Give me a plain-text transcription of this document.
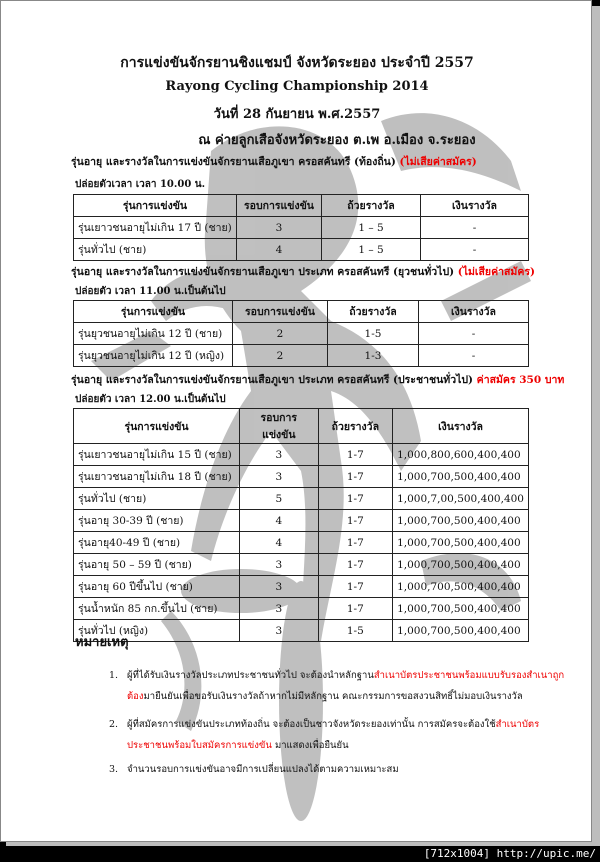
การแข่งขันจักรยานชิงแชมป์ จังหวัดระยอง ประจำปี 2557
Rayong Cycling Championship 2014
วันที่ 28 กันยายน พ.ศ.2557
ณ ค่ายลูกเสือจังหวัดระยอง ต.เพ อ.เมือง จ.ระยอง
รุ่นอายุ และรางวัลในการแข่งขันจักรยานเสือภูเขา ครอสคันทรี (ท้องถิ่น) (ไม่เสียค่าสมัคร)
ปล่อยตัวเวลา เวลา 10.00 น.
รุ่นการแข่งขัน	รอบการแข่งขัน	ถ้วยรางวัล	เงินรางวัล
รุ่นเยาวชนอายุไม่เกิน 17 ปี (ชาย)	3	1 – 5	-
รุ่นทั่วไป (ชาย)	4	1 – 5	-
รุ่นอายุ และรางวัลในการแข่งขันจักรยานเสือภูเขา ประเภท ครอสคันทรี (ยุวชนทั่วไป) (ไม่เสียค่าสมัคร)
ปล่อยตัว เวลา 11.00 น.เป็นต้นไป
รุ่นการแข่งขัน	รอบการแข่งขัน	ถ้วยรางวัล	เงินรางวัล
รุ่นยุวชนอายุไม่เกิน 12 ปี (ชาย)	2	1-5	-
รุ่นยุวชนอายุไม่เกิน 12 ปี (หญิง)	2	1-3	-
รุ่นอายุ และรางวัลในการแข่งขันจักรยานเสือภูเขา ประเภท ครอสคันทรี (ประชาชนทั่วไป) ค่าสมัคร 350 บาท
ปล่อยตัว เวลา 12.00 น.เป็นต้นไป
รุ่นการแข่งขัน	รอบการแข่งขัน	ถ้วยรางวัล	เงินรางวัล
รุ่นเยาวชนอายุไม่เกิน 15 ปี (ชาย)	3	1-7	1,000,800,600,400,400
รุ่นเยาวชนอายุไม่เกิน 18 ปี (ชาย)	3	1-7	1,000,700,500,400,400
รุ่นทั่วไป (ชาย)	5	1-7	1,000,7,00,500,400,400
รุ่นอายุ 30-39 ปี (ชาย)	4	1-7	1,000,700,500,400,400
รุ่นอายุ40-49 ปี (ชาย)	4	1-7	1,000,700,500,400,400
รุ่นอายุ 50 – 59 ปี (ชาย)	3	1-7	1,000,700,500,400,400
รุ่นอายุ 60 ปีขึ้นไป (ชาย)	3	1-7	1,000,700,500,400,400
รุ่นน้ำหนัก 85 กก.ขึ้นไป (ชาย)	3	1-7	1,000,700,500,400,400
รุ่นทั่วไป (หญิง)	3	1-5	1,000,700,500,400,400
หมายเหตุ
1. ผู้ที่ได้รับเงินรางวัลประเภทประชาชนทั่วไป จะต้องนำหลักฐานสำเนาบัตรประชาชนพร้อมแบบรับรองสำเนาถูกต้องมายืนยันเพื่อขอรับเงินรางวัลถ้าหากไม่มีหลักฐาน คณะกรรมการขอสงวนสิทธิ์ไม่มอบเงินรางวัล
2. ผู้ที่สมัครการแข่งขันประเภทท้องถิ่น จะต้องเป็นชาวจังหวัดระยองเท่านั้น การสมัครจะต้องใช้สำเนาบัตรประชาชนพร้อมใบสมัครการแข่งขัน มาแสดงเพื่อยืนยัน
3. จำนวนรอบการแข่งขันอาจมีการเปลี่ยนแปลงได้ตามความเหมาะสม
[712x1004] http://upic.me/
